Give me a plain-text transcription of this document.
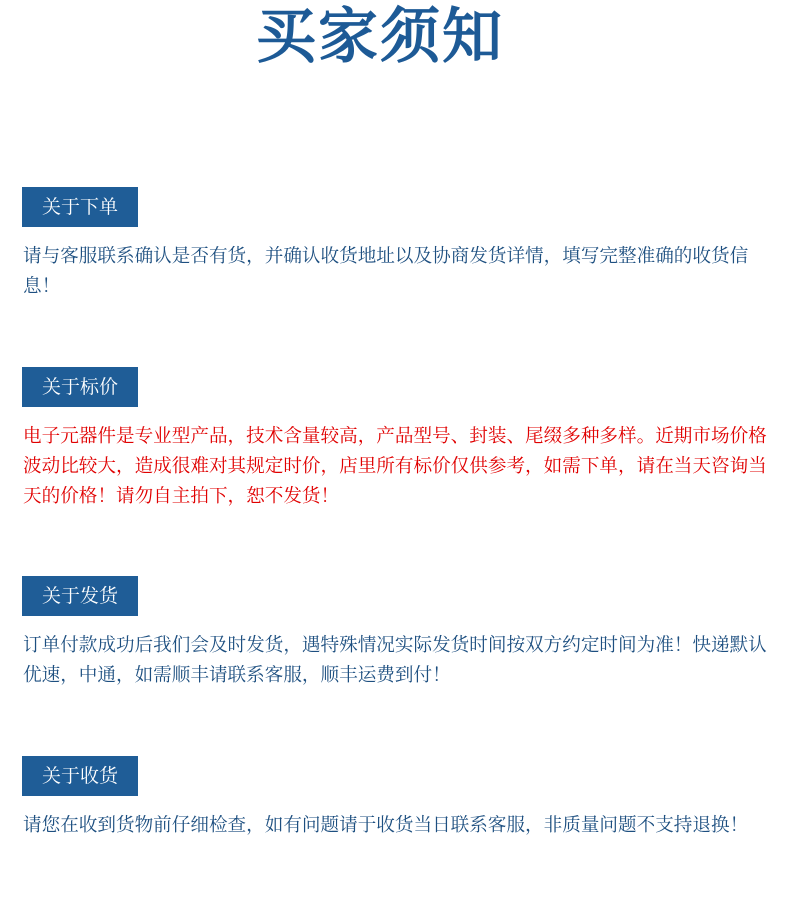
买家须知
关于下单
请与客服联系确认是否有货，并确认收货地址以及协商发货详情，填写完整准确的收货信息！
关于标价
电子元器件是专业型产品，技术含量较高，产品型号、封装、尾缀多种多样。近期市场价格波动比较大，造成很难对其规定时价，店里所有标价仅供参考，如需下单，请在当天咨询当天的价格！请勿自主拍下，恕不发货！
关于发货
订单付款成功后我们会及时发货，遇特殊情况实际发货时间按双方约定时间为准！快递默认优速，中通，如需顺丰请联系客服，顺丰运费到付！
关于收货
请您在收到货物前仔细检查，如有问题请于收货当日联系客服，非质量问题不支持退换！
